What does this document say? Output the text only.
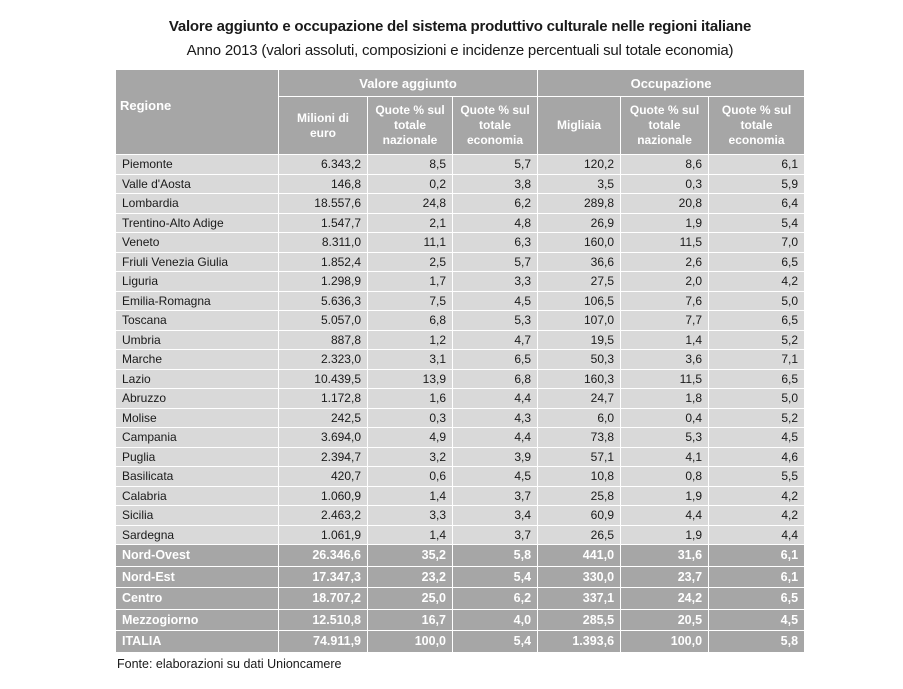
Valore aggiunto e occupazione del sistema produttivo culturale nelle regioni italiane
Anno 2013 (valori assoluti, composizioni e incidenze percentuali sul totale economia)
Regione	Valore aggiunto			Occupazione		
	Milioni di euro	Quote % sul totale nazionale	Quote % sul totale economia	Migliaia	Quote % sul totale nazionale	Quote % sul totale economia
Piemonte	6.343,2	8,5	5,7	120,2	8,6	6,1
Valle d'Aosta	146,8	0,2	3,8	3,5	0,3	5,9
Lombardia	18.557,6	24,8	6,2	289,8	20,8	6,4
Trentino-Alto Adige	1.547,7	2,1	4,8	26,9	1,9	5,4
Veneto	8.311,0	11,1	6,3	160,0	11,5	7,0
Friuli Venezia Giulia	1.852,4	2,5	5,7	36,6	2,6	6,5
Liguria	1.298,9	1,7	3,3	27,5	2,0	4,2
Emilia-Romagna	5.636,3	7,5	4,5	106,5	7,6	5,0
Toscana	5.057,0	6,8	5,3	107,0	7,7	6,5
Umbria	887,8	1,2	4,7	19,5	1,4	5,2
Marche	2.323,0	3,1	6,5	50,3	3,6	7,1
Lazio	10.439,5	13,9	6,8	160,3	11,5	6,5
Abruzzo	1.172,8	1,6	4,4	24,7	1,8	5,0
Molise	242,5	0,3	4,3	6,0	0,4	5,2
Campania	3.694,0	4,9	4,4	73,8	5,3	4,5
Puglia	2.394,7	3,2	3,9	57,1	4,1	4,6
Basilicata	420,7	0,6	4,5	10,8	0,8	5,5
Calabria	1.060,9	1,4	3,7	25,8	1,9	4,2
Sicilia	2.463,2	3,3	3,4	60,9	4,4	4,2
Sardegna	1.061,9	1,4	3,7	26,5	1,9	4,4
Nord-Ovest	26.346,6	35,2	5,8	441,0	31,6	6,1
Nord-Est	17.347,3	23,2	5,4	330,0	23,7	6,1
Centro	18.707,2	25,0	6,2	337,1	24,2	6,5
Mezzogiorno	12.510,8	16,7	4,0	285,5	20,5	4,5
ITALIA	74.911,9	100,0	5,4	1.393,6	100,0	5,8
Fonte: elaborazioni su dati Unioncamere
